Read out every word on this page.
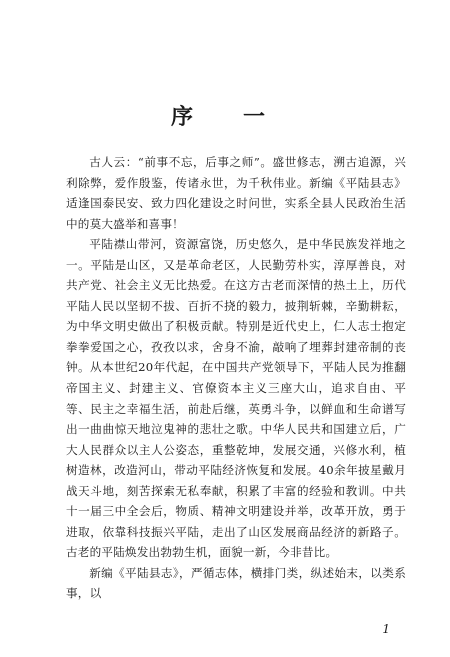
序　一

古人云：“前事不忘，后事之师”。盛世修志，溯古追源，兴利除弊，爱作殷鉴，传诸永世，为千秋伟业。新编《平陆县志》适逢国泰民安、致力四化建设之时问世，实系全县人民政治生活中的莫大盛举和喜事！

平陆襟山带河，资源富饶，历史悠久，是中华民族发祥地之一。平陆是山区，又是革命老区，人民勤劳朴实，淳厚善良，对共产党、社会主义无比热爱。在这方古老而深情的热土上，历代平陆人民以坚韧不拔、百折不挠的毅力，披荆斩棘，辛勤耕耘，为中华文明史做出了积极贡献。特别是近代史上，仁人志士抱定拳拳爱国之心，孜孜以求，舍身不渝，敲响了埋葬封建帝制的丧钟。从本世纪20年代起，在中国共产党领导下，平陆人民为推翻帝国主义、封建主义、官僚资本主义三座大山，追求自由、平等、民主之幸福生活，前赴后继，英勇斗争，以鲜血和生命谱写出一曲曲惊天地泣鬼神的悲壮之歌。中华人民共和国建立后，广大人民群众以主人公姿态，重整乾坤，发展交通，兴修水利，植树造林，改造河山，带动平陆经济恢复和发展。40余年披星戴月战天斗地，刻苦探索无私奉献，积累了丰富的经验和教训。中共十一届三中全会后，物质、精神文明建设并举，改革开放，勇于进取，依靠科技振兴平陆，走出了山区发展商品经济的新路子。古老的平陆焕发出勃勃生机，面貌一新，今非昔比。

新编《平陆县志》，严循志体，横排门类，纵述始末，以类系事，以

1
